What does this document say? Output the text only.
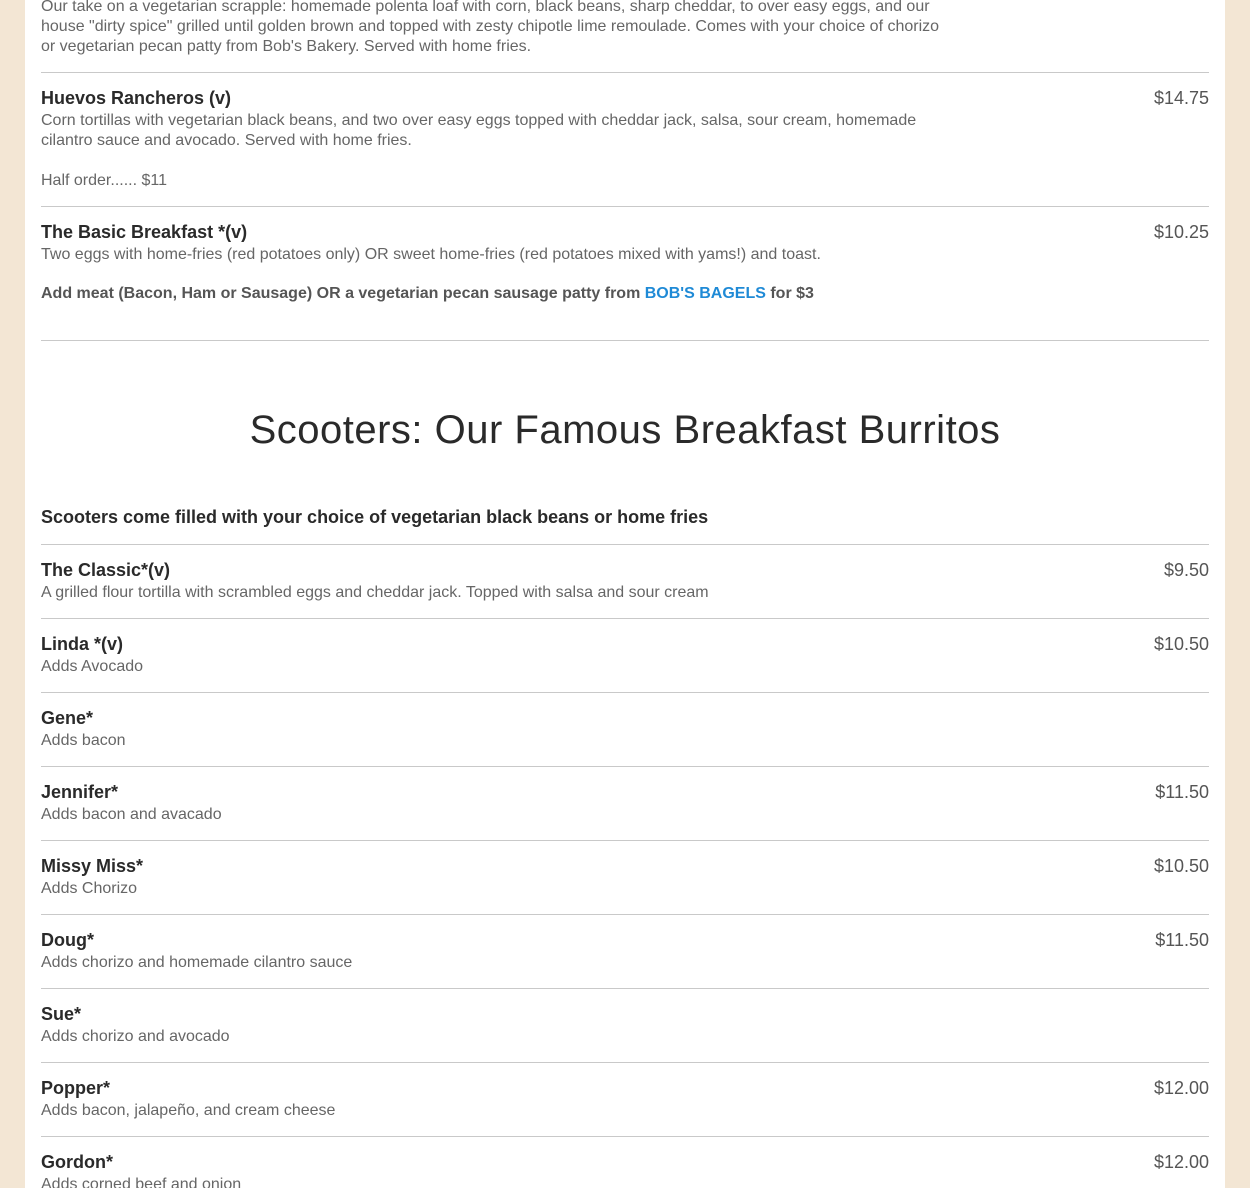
Our take on a vegetarian scrapple: homemade polenta loaf with corn, black beans, sharp cheddar, to over easy eggs, and our house "dirty spice" grilled until golden brown and topped with zesty chipotle lime remoulade. Comes with your choice of chorizo or vegetarian pecan patty from Bob's Bakery. Served with home fries.
Huevos Rancheros (v)	$14.75
Corn tortillas with vegetarian black beans, and two over easy eggs topped with cheddar jack, salsa, sour cream, homemade cilantro sauce and avocado. Served with home fries.
Half order...... $11
The Basic Breakfast *(v)	$10.25
Two eggs with home-fries (red potatoes only) OR sweet home-fries (red potatoes mixed with yams!) and toast.
Add meat (Bacon, Ham or Sausage) OR a vegetarian pecan sausage patty from BOB'S BAGELS for $3
Scooters: Our Famous Breakfast Burritos
Scooters come filled with your choice of vegetarian black beans or home fries
The Classic*(v)	$9.50
A grilled flour tortilla with scrambled eggs and cheddar jack. Topped with salsa and sour cream
Linda *(v)	$10.50
Adds Avocado
Gene*
Adds bacon
Jennifer*	$11.50
Adds bacon and avacado
Missy Miss*	$10.50
Adds Chorizo
Doug*	$11.50
Adds chorizo and homemade cilantro sauce
Sue*
Adds chorizo and avocado
Popper*	$12.00
Adds bacon, jalapeño, and cream cheese
Gordon*	$12.00
Adds corned beef and onion
